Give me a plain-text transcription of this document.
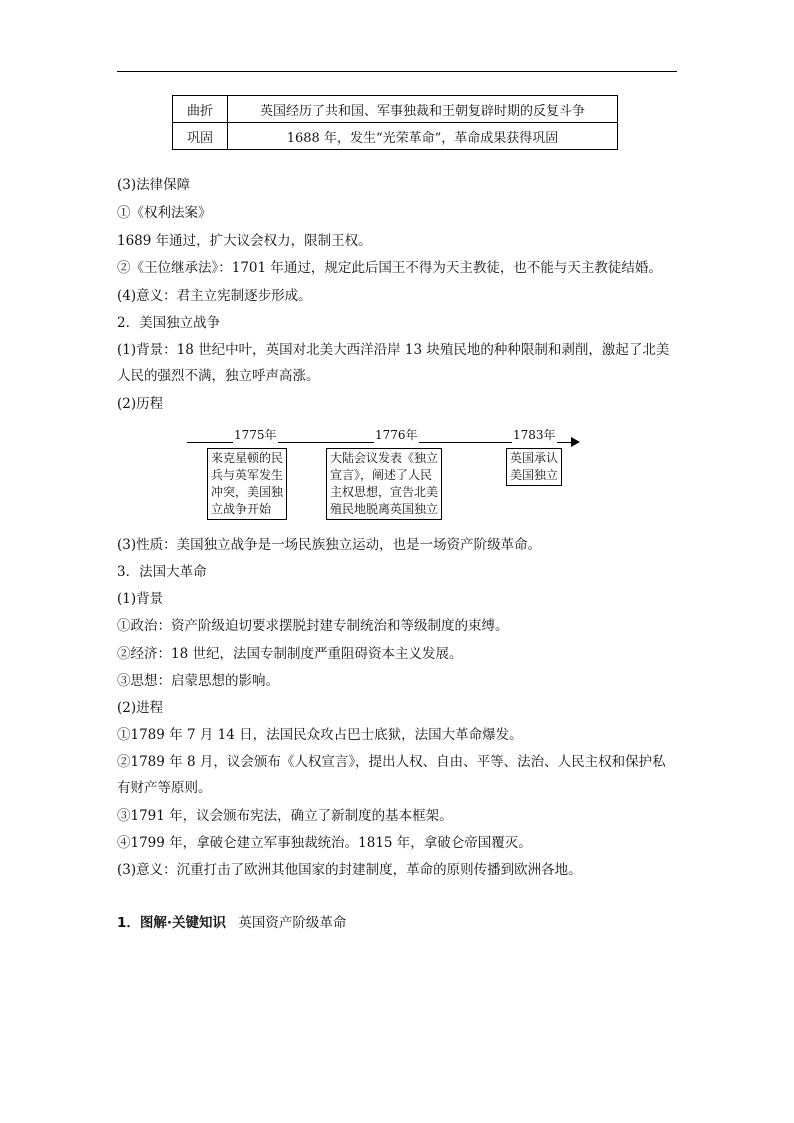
曲折	英国经历了共和国、军事独裁和王朝复辟时期的反复斗争
巩固	1688 年，发生“光荣革命”，革命成果获得巩固
(3)法律保障
①《权利法案》
1689 年通过，扩大议会权力，限制王权。
②《王位继承法》：1701 年通过，规定此后国王不得为天主教徒，也不能与天主教徒结婚。
(4)意义：君主立宪制逐步形成。
2．美国独立战争
(1)背景：18 世纪中叶，英国对北美大西洋沿岸 13 块殖民地的种种限制和剥削，激起了北美
人民的强烈不满，独立呼声高涨。
(2)历程
1775年	1776年	1783年
来克星顿的民
兵与英军发生
冲突，美国独
立战争开始
大陆会议发表《独立
宣言》，阐述了人民
主权思想，宣告北美
殖民地脱离英国独立
英国承认
美国独立
(3)性质：美国独立战争是一场民族独立运动，也是一场资产阶级革命。
3．法国大革命
(1)背景
①政治：资产阶级迫切要求摆脱封建专制统治和等级制度的束缚。
②经济：18 世纪，法国专制制度严重阻碍资本主义发展。
③思想：启蒙思想的影响。
(2)进程
①1789 年 7 月 14 日，法国民众攻占巴士底狱，法国大革命爆发。
②1789 年 8 月，议会颁布《人权宣言》，提出人权、自由、平等、法治、人民主权和保护私
有财产等原则。
③1791 年，议会颁布宪法，确立了新制度的基本框架。
④1799 年，拿破仑建立军事独裁统治。1815 年，拿破仑帝国覆灭。
(3)意义：沉重打击了欧洲其他国家的封建制度，革命的原则传播到欧洲各地。
1．图解·关键知识 英国资产阶级革命
